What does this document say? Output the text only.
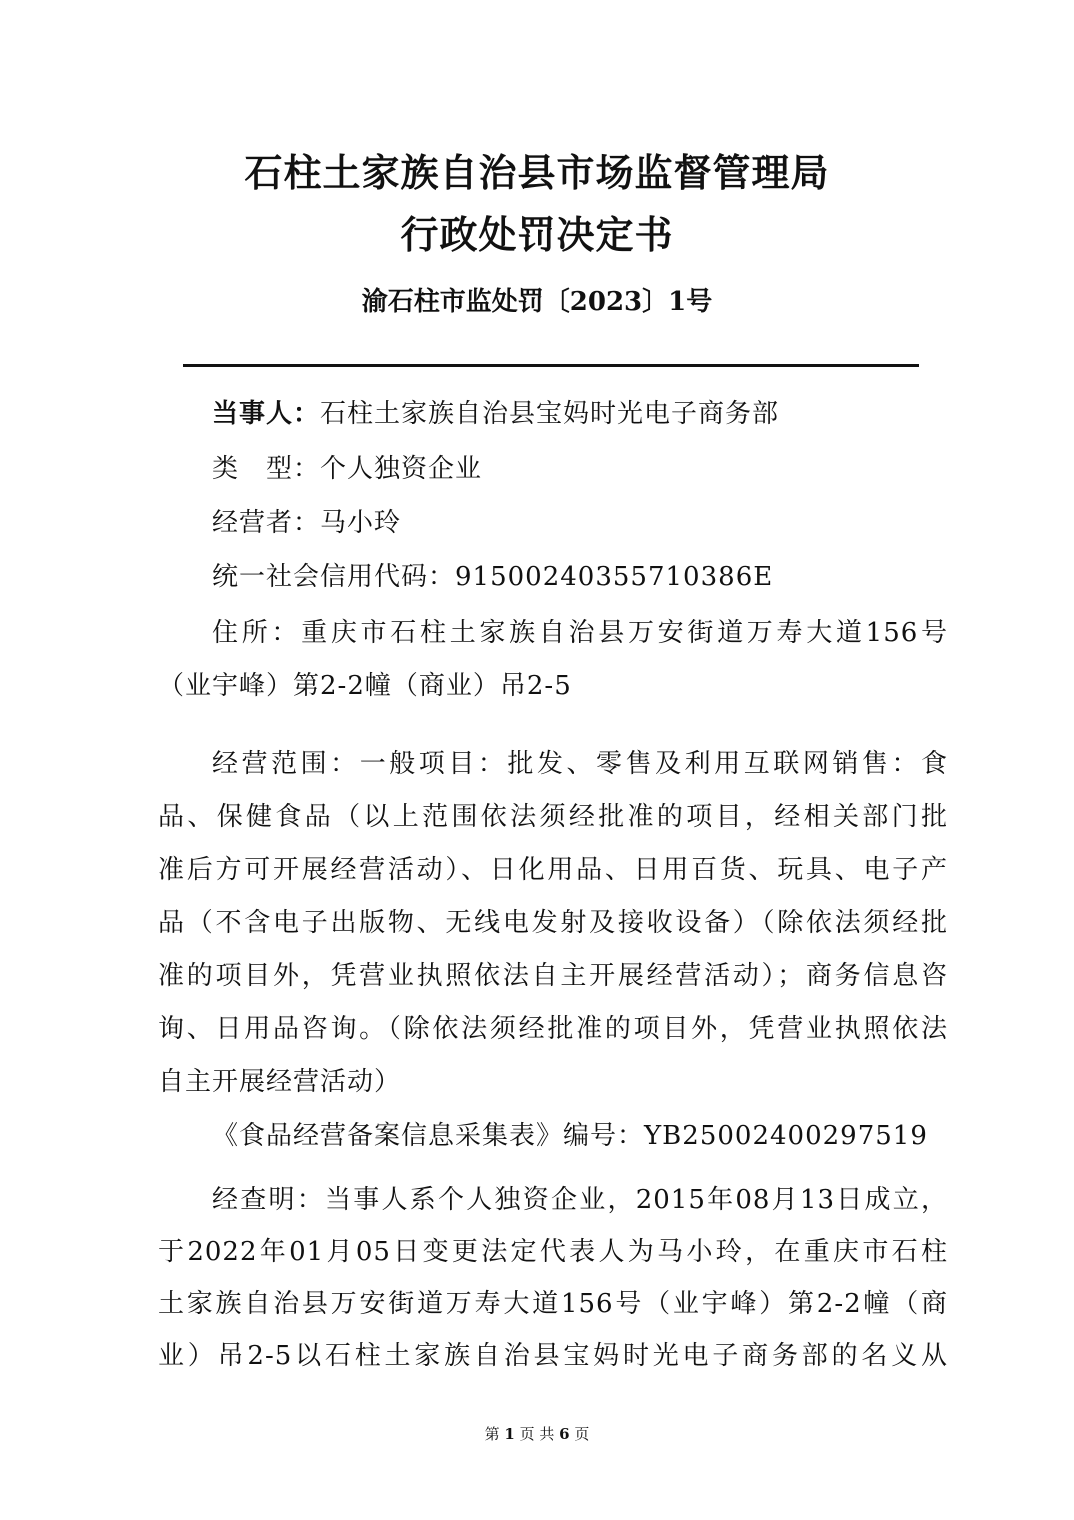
石柱土家族自治县市场监督管理局
行政处罚决定书
渝石柱市监处罚〔2023〕1号
当事人：石柱土家族自治县宝妈时光电子商务部
类　型：个人独资企业
经营者：马小玲
统一社会信用代码：91500240355710386E
住所：重庆市石柱土家族自治县万安街道万寿大道156号
（业宇峰）第2-2幢（商业）吊2-5
经营范围：一般项目：批发、零售及利用互联网销售：食
品、保健食品（以上范围依法须经批准的项目，经相关部门批
准后方可开展经营活动）、日化用品、日用百货、玩具、电子产
品（不含电子出版物、无线电发射及接收设备）（除依法须经批
准的项目外，凭营业执照依法自主开展经营活动）；商务信息咨
询、日用品咨询。（除依法须经批准的项目外，凭营业执照依法
自主开展经营活动）
《食品经营备案信息采集表》编号：YB25002400297519
经查明：当事人系个人独资企业，2015年08月13日成立，
于2022年01月05日变更法定代表人为马小玲，在重庆市石柱
土家族自治县万安街道万寿大道156号（业宇峰）第2-2幢（商
业）吊2-5以石柱土家族自治县宝妈时光电子商务部的名义从
第 1 页 共 6 页
